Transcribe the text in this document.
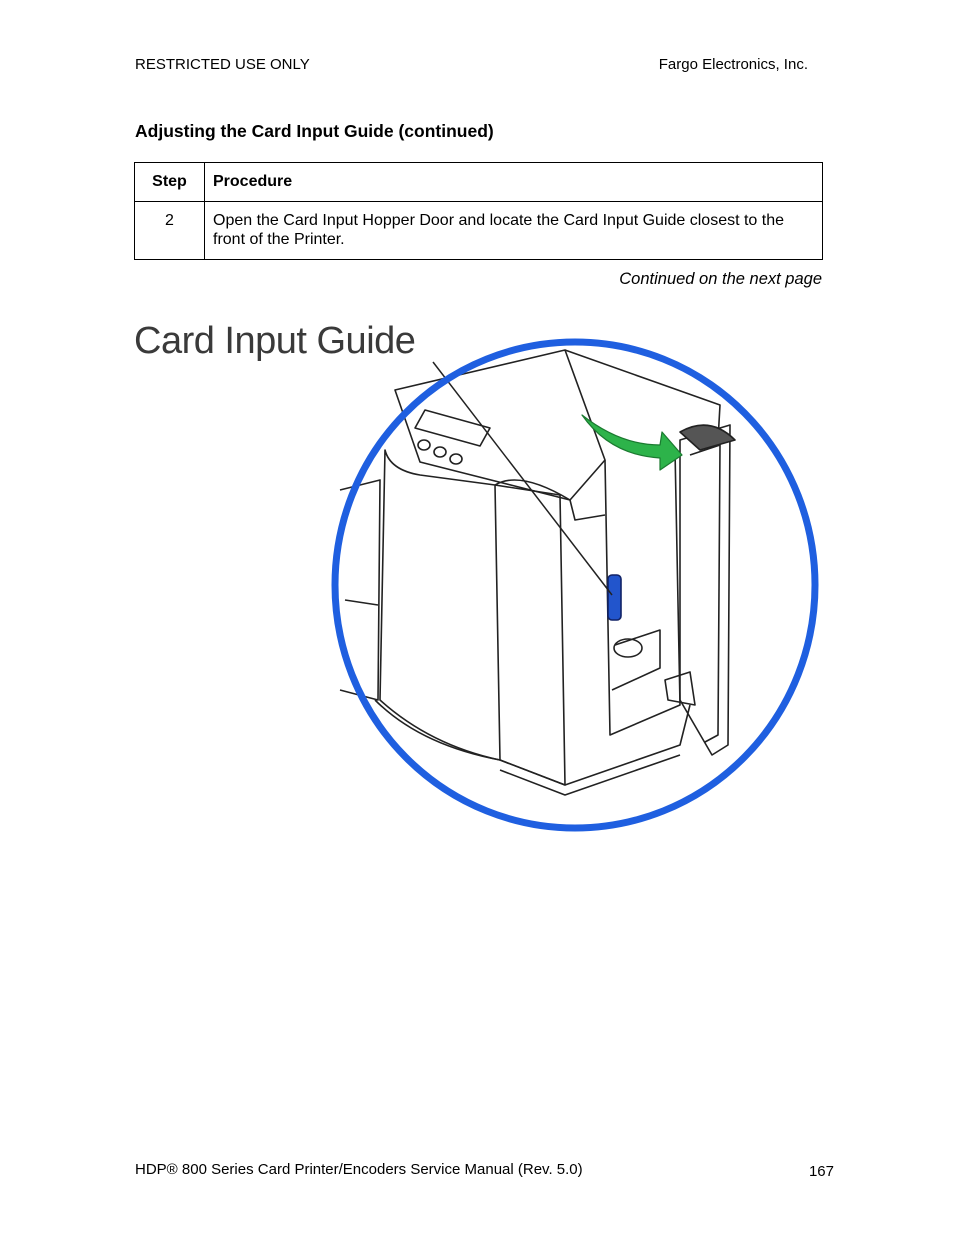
RESTRICTED USE ONLY	Fargo Electronics, Inc.
Adjusting the Card Input Guide (continued)
Step	Procedure
2	Open the Card Input Hopper Door and locate the Card Input Guide closest to the front of the Printer.
Continued on the next page
Card Input Guide
HDP® 800 Series Card Printer/Encoders Service Manual (Rev. 5.0)	167
